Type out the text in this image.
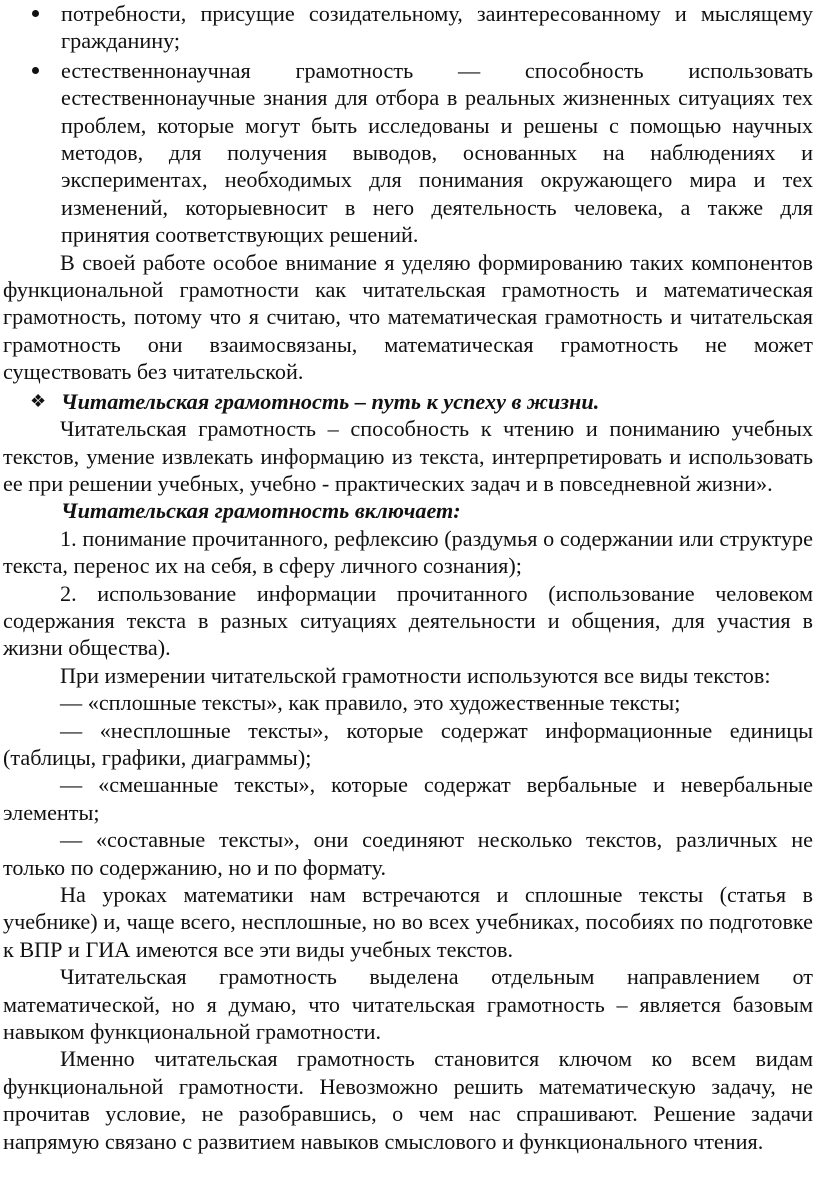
потребности, присущие созидательному, заинтересованному и мыслящему гражданину;
естественнонаучная грамотность — способность использовать естественнонаучные знания для отбора в реальных жизненных ситуациях тех проблем, которые могут быть исследованы и решены с помощью научных методов, для получения выводов, основанных на наблюдениях и экспериментах, необходимых для понимания окружающего мира и тех изменений, которыевносит в него деятельность человека, а также для принятия соответствующих решений.

В своей работе особое внимание я уделяю формированию таких компонентов функциональной грамотности как читательская грамотность и математическая грамотность, потому что я считаю, что математическая грамотность и читательская грамотность они взаимосвязаны, математическая грамотность не может существовать без читательской.

❖ Читательская грамотность – путь к успеху в жизни.

Читательская грамотность – способность к чтению и пониманию учебных текстов, умение извлекать информацию из текста, интерпретировать и использовать ее при решении учебных, учебно - практических задач и в повседневной жизни».

Читательская грамотность включает:

1. понимание прочитанного, рефлексию (раздумья о содержании или структуре текста, перенос их на себя, в сферу личного сознания);

2. использование информации прочитанного (использование человеком содержания текста в разных ситуациях деятельности и общения, для участия в жизни общества).

При измерении читательской грамотности используются все виды текстов:

— «сплошные тексты», как правило, это художественные тексты;

— «несплошные тексты», которые содержат информационные единицы (таблицы, графики, диаграммы);

— «смешанные тексты», которые содержат вербальные и невербальные элементы;

— «составные тексты», они соединяют несколько текстов, различных не только по содержанию, но и по формату.

На уроках математики нам встречаются и сплошные тексты (статья в учебнике) и, чаще всего, несплошные, но во всех учебниках, пособиях по подготовке к ВПР и ГИА имеются все эти виды учебных текстов.

Читательская грамотность выделена отдельным направлением от математической, но я думаю, что читательская грамотность – является базовым навыком функциональной грамотности.

Именно читательская грамотность становится ключом ко всем видам функциональной грамотности. Невозможно решить математическую задачу, не прочитав условие, не разобравшись, о чем нас спрашивают. Решение задачи напрямую связано с развитием навыков смыслового и функционального чтения.
